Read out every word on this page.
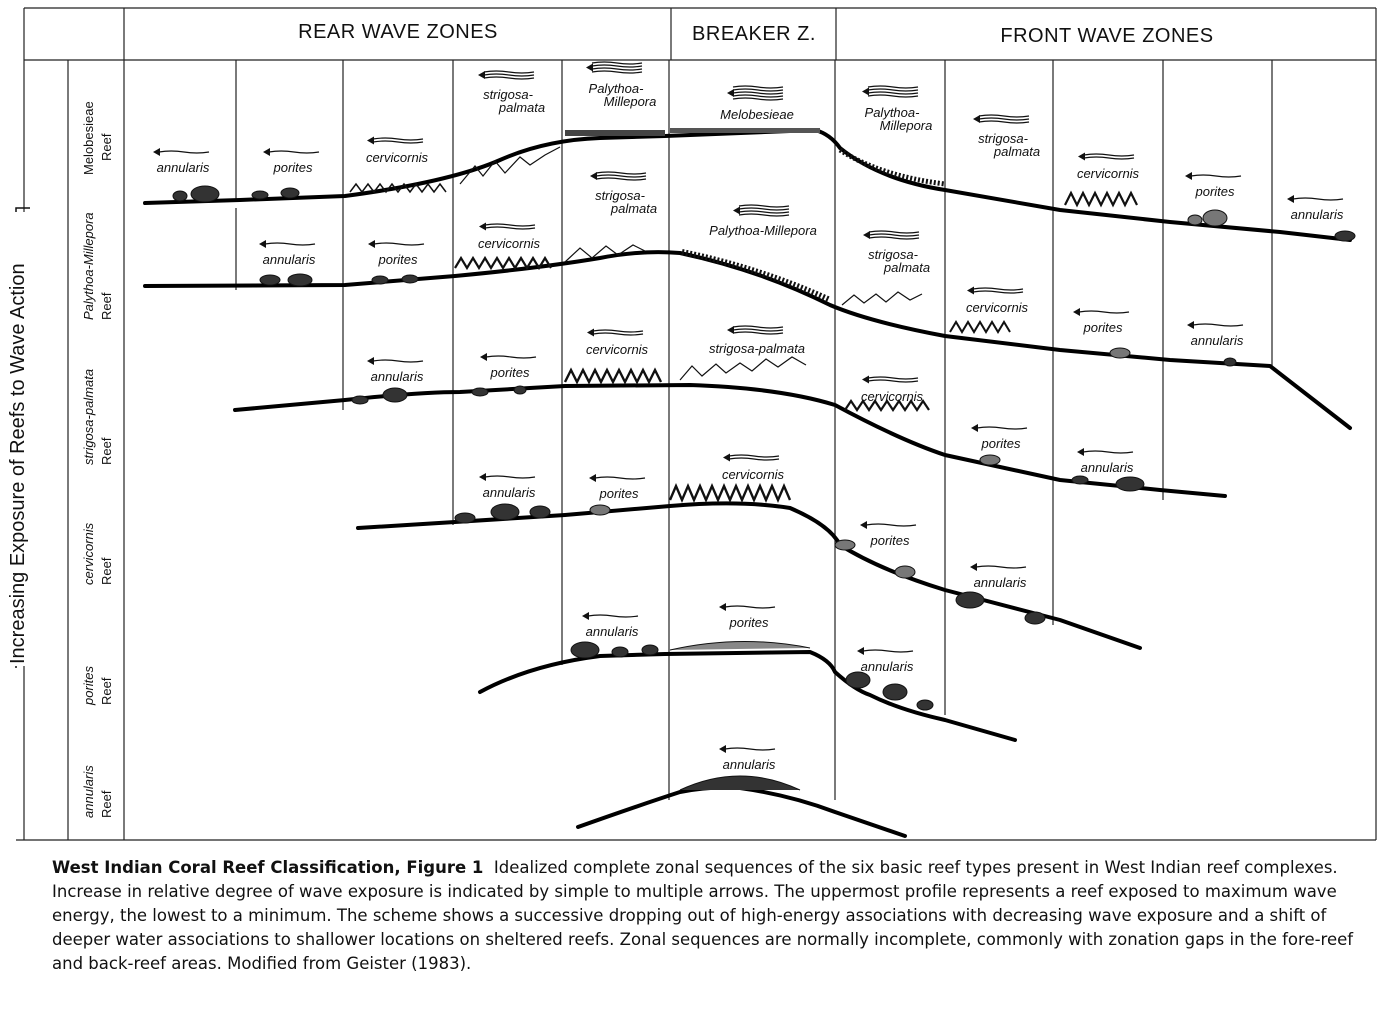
REAR WAVE ZONES	BREAKER Z.	FRONT WAVE ZONES
Increasing Exposure of Reefs to Wave Action
Melobesieae Reef
Palythoa-Millepora Reef
strigosa-palmata Reef
cervicornis Reef
porites Reef
annularis Reef
annularis	porites
cervicornis
strigosa-
palmata
Palythoa-
Millepora
Melobesieae	Palythoa-
Millepora
strigosa-
palmata
cervicornis
porites
annularis
annularis	porites
cervicornis
strigosa-
palmata
Palythoa-Millepora
strigosa-
palmata
cervicornis
porites
annularis
annularis	porites
cervicornis	strigosa-palmata
cervicornis
porites
annularis
annularis	porites
cervicornis
porites
annularis
annularis
porites
annularis
annularis

West Indian Coral Reef Classification, Figure 1 Idealized complete zonal sequences of the six basic reef types present in West Indian reef complexes. Increase in relative degree of wave exposure is indicated by simple to multiple arrows. The uppermost profile represents a reef exposed to maximum wave energy, the lowest to a minimum. The scheme shows a successive dropping out of high-energy associations with decreasing wave exposure and a shift of deeper water associations to shallower locations on sheltered reefs. Zonal sequences are normally incomplete, commonly with zonation gaps in the fore-reef and back-reef areas. Modified from Geister (1983).
